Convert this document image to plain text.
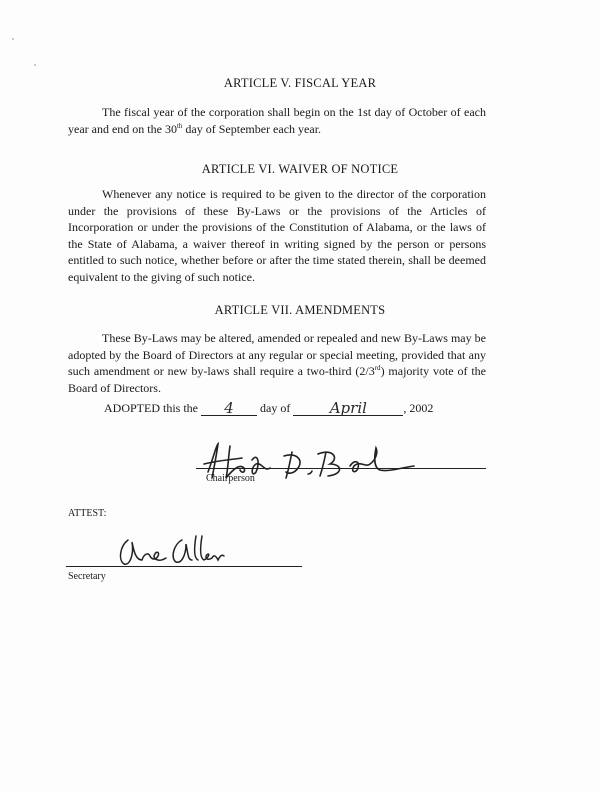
ARTICLE V. FISCAL YEAR
The fiscal year of the corporation shall begin on the 1st day of October of each year and end on the 30th day of September each year.
ARTICLE VI. WAIVER OF NOTICE
Whenever any notice is required to be given to the director of the corporation under the provisions of these By-Laws or the provisions of the Articles of Incorporation or under the provisions of the Constitution of Alabama, or the laws of the State of Alabama, a waiver thereof in writing signed by the person or persons entitled to such notice, whether before or after the time stated therein, shall be deemed equivalent to the giving of such notice.
ARTICLE VII. AMENDMENTS
These By-Laws may be altered, amended or repealed and new By-Laws may be adopted by the Board of Directors at any regular or special meeting, provided that any such amendment or new by-laws shall require a two-third (2/3rd) majority vote of the Board of Directors.
ADOPTED this the 4 day of	April	, 2002
Chairperson
ATTEST:
Secretary
